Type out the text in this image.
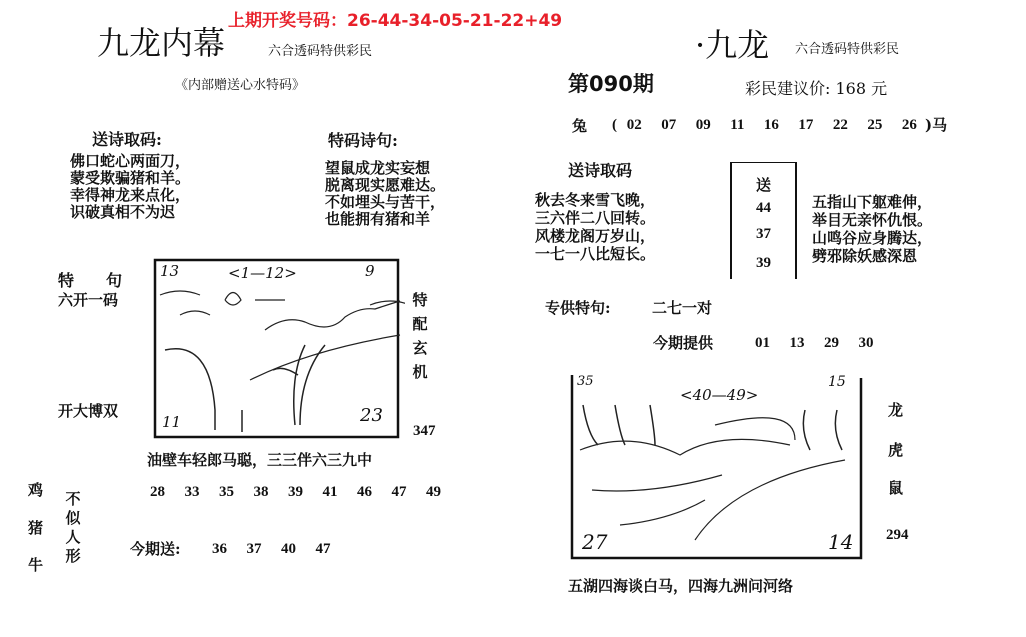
上期开奖号码：26-44-34-05-21-22+49
九龙内幕	六合透码特供彩民
《内部赠送心水特码》
送诗取码:
佛口蛇心两面刀，
蒙受欺骗猪和羊。
幸得神龙来点化，
识破真相不为迟
特码诗句:
望鼠成龙实妄想
脱离现实愿难达。
不如埋头与苦干，
也能拥有猪和羊
特　　句
六开一码
开大博双
13	<1—12>	9
11	23
特配玄机
347
油壁车轻郎马聪，三三伴六三九中
28  33  35  38  39  41  46  47  49
鸡
猪
牛
不似人形	今期送: 36  37  40  47
·九龙 六合透码特供彩民
第090期	彩民建议价: 168 元
兔 ( 02  07  09  11  16  17  22  25  26 )马
送诗取码
秋去冬来雪飞晚，
三六伴二八回转。
风楼龙阁万岁山，
一七一八比短长。
送
44
37
39
五指山下躯难伸，
举目无亲怀仇恨。
山鸣谷应身腾达，
劈邪除妖感深恩
专供特句:	二七一对
今期提供	01  13  29  30
35
<40—49>
15
27	14
龙
虎
鼠
294
五湖四海谈白马，四海九洲问河络
